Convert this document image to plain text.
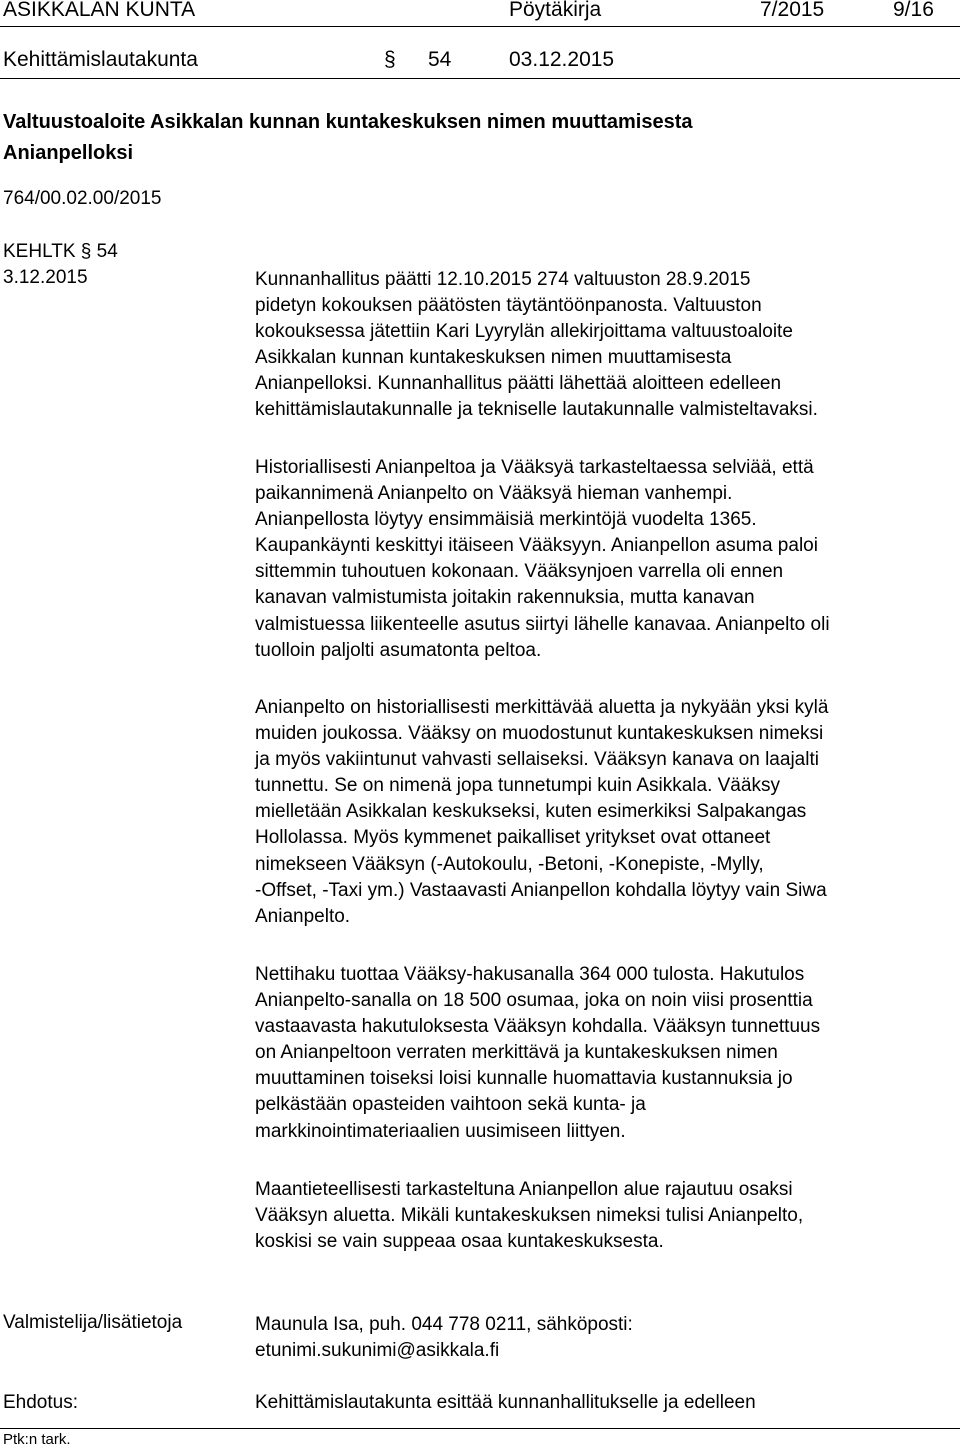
ASIKKALAN KUNTA	Pöytäkirja	7/2015	9/16
Kehittämislautakunta	§ 54	03.12.2015
Valtuustoaloite Asikkalan kunnan kuntakeskuksen nimen muuttamisesta
Anianpelloksi
764/00.02.00/2015
KEHLTK § 54
3.12.2015	Kunnanhallitus päätti 12.10.2015 274 valtuuston 28.9.2015
pidetyn kokouksen päätösten täytäntöönpanosta. Valtuuston
kokouksessa jätettiin Kari Lyyrylän allekirjoittama valtuustoaloite
Asikkalan kunnan kuntakeskuksen nimen muuttamisesta
Anianpelloksi. Kunnanhallitus päätti lähettää aloitteen edelleen
kehittämislautakunnalle ja tekniselle lautakunnalle valmisteltavaksi.
Historiallisesti Anianpeltoa ja Vääksyä tarkasteltaessa selviää, että
paikannimenä Anianpelto on Vääksyä hieman vanhempi.
Anianpellosta löytyy ensimmäisiä merkintöjä vuodelta 1365.
Kaupankäynti keskittyi itäiseen Vääksyyn. Anianpellon asuma paloi
sittemmin tuhoutuen kokonaan. Vääksynjoen varrella oli ennen
kanavan valmistumista joitakin rakennuksia, mutta kanavan
valmistuessa liikenteelle asutus siirtyi lähelle kanavaa. Anianpelto oli
tuolloin paljolti asumatonta peltoa.
Anianpelto on historiallisesti merkittävää aluetta ja nykyään yksi kylä
muiden joukossa. Vääksy on muodostunut kuntakeskuksen nimeksi
ja myös vakiintunut vahvasti sellaiseksi. Vääksyn kanava on laajalti
tunnettu. Se on nimenä jopa tunnetumpi kuin Asikkala. Vääksy
mielletään Asikkalan keskukseksi, kuten esimerkiksi Salpakangas
Hollolassa. Myös kymmenet paikalliset yritykset ovat ottaneet
nimekseen Vääksyn (-Autokoulu, -Betoni, -Konepiste, -Mylly,
-Offset, -Taxi ym.) Vastaavasti Anianpellon kohdalla löytyy vain Siwa
Anianpelto.
Nettihaku tuottaa Vääksy-hakusanalla 364 000 tulosta. Hakutulos
Anianpelto-sanalla on 18 500 osumaa, joka on noin viisi prosenttia
vastaavasta hakutuloksesta Vääksyn kohdalla. Vääksyn tunnettuus
on Anianpeltoon verraten merkittävä ja kuntakeskuksen nimen
muuttaminen toiseksi loisi kunnalle huomattavia kustannuksia jo
pelkästään opasteiden vaihtoon sekä kunta- ja
markkinointimateriaalien uusimiseen liittyen.
Maantieteellisesti tarkasteltuna Anianpellon alue rajautuu osaksi
Vääksyn aluetta. Mikäli kuntakeskuksen nimeksi tulisi Anianpelto,
koskisi se vain suppeaa osaa kuntakeskuksesta.
Valmistelija/lisätietoja	Maunula Isa, puh. 044 778 0211, sähköposti:
etunimi.sukunimi@asikkala.fi
Ehdotus:	Kehittämislautakunta esittää kunnanhallitukselle ja edelleen
Ptk:n tark.
